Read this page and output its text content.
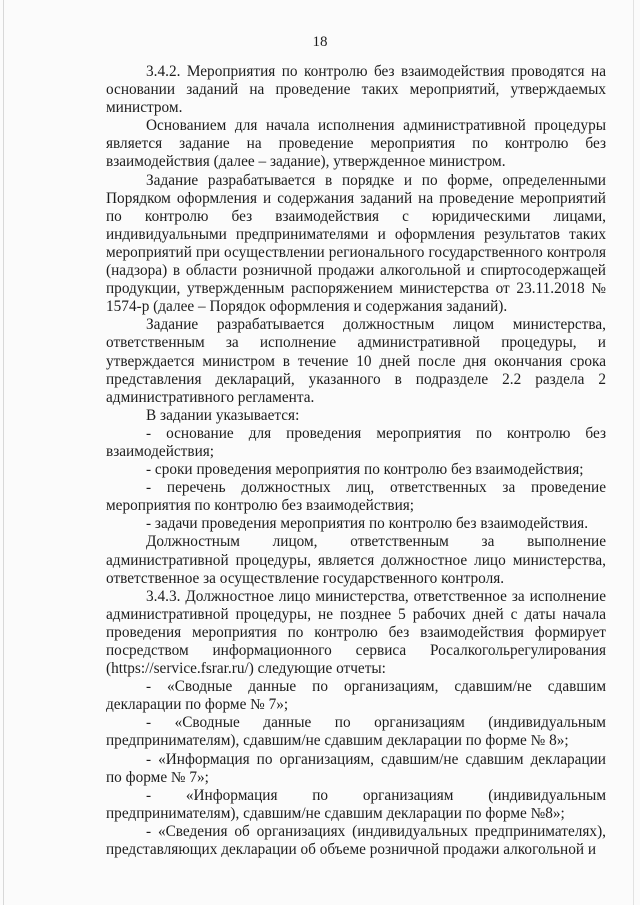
18

3.4.2. Мероприятия по контролю без взаимодействия проводятся на основании заданий на проведение таких мероприятий, утверждаемых министром.

Основанием для начала исполнения административной процедуры является задание на проведение мероприятия по контролю без взаимодействия (далее – задание), утвержденное министром.

Задание разрабатывается в порядке и по форме, определенными Порядком оформления и содержания заданий на проведение мероприятий по контролю без взаимодействия с юридическими лицами, индивидуальными предпринимателями и оформления результатов таких мероприятий при осуществлении регионального государственного контроля (надзора) в области розничной продажи алкогольной и спиртосодержащей продукции, утвержденным распоряжением министерства от 23.11.2018 № 1574-р (далее – Порядок оформления и содержания заданий).

Задание разрабатывается должностным лицом министерства, ответственным за исполнение административной процедуры, и утверждается министром в течение 10 дней после дня окончания срока представления деклараций, указанного в подразделе 2.2 раздела 2 административного регламента.

В задании указывается:

- основание для проведения мероприятия по контролю без взаимодействия;

- сроки проведения мероприятия по контролю без взаимодействия;

- перечень должностных лиц, ответственных за проведение мероприятия по контролю без взаимодействия;

- задачи проведения мероприятия по контролю без взаимодействия.

Должностным лицом, ответственным за выполнение административной процедуры, является должностное лицо министерства, ответственное за осуществление государственного контроля.

3.4.3. Должностное лицо министерства, ответственное за исполнение административной процедуры, не позднее 5 рабочих дней с даты начала проведения мероприятия по контролю без взаимодействия формирует посредством информационного сервиса Росалкогольрегулирования (https://service.fsrar.ru/) следующие отчеты:

- «Сводные данные по организациям, сдавшим/не сдавшим декларации по форме № 7»;

- «Сводные данные по организациям (индивидуальным предпринимателям), сдавшим/не сдавшим декларации по форме № 8»;

- «Информация по организациям, сдавшим/не сдавшим декларации по форме № 7»;

- «Информация по организациям (индивидуальным предпринимателям), сдавшим/не сдавшим декларации по форме №8»;

- «Сведения об организациях (индивидуальных предпринимателях), представляющих декларации об объеме розничной продажи алкогольной и
